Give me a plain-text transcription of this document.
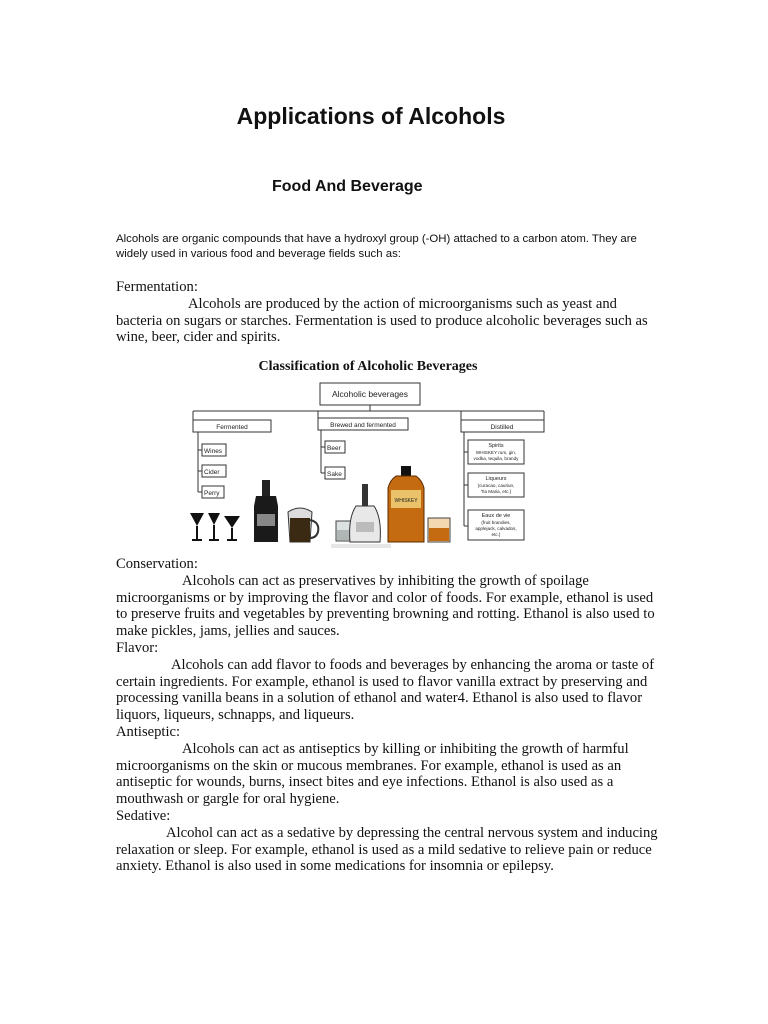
Applications of Alcohols
Food And Beverage
Alcohols are organic compounds that have a hydroxyl group (-OH) attached to a carbon atom. They are widely used in various food and beverage fields such as:
Fermentation:
Alcohols are produced by the action of microorganisms such as yeast and bacteria on sugars or starches. Fermentation is used to produce alcoholic beverages such as wine, beer, cider and spirits.
Classification of Alcoholic Beverages
Alcoholic beverages
Fermented	Brewed and fermented	Distilled
Wines
Cider
Perry
Beer
Sake
Spirits
WHISKEY rum, gin,
vodka, tequila, brandy
Liqueurs
(curacao, cauriun,
Tia Maria, etc.)
Eaux de vie
(fruit brandies,
applejack, calvados,
etc.)
WHISKEY
Conservation:
Alcohols can act as preservatives by inhibiting the growth of spoilage microorganisms or by improving the flavor and color of foods. For example, ethanol is used to preserve fruits and vegetables by preventing browning and rotting. Ethanol is also used to make pickles, jams, jellies and sauces.
Flavor:
Alcohols can add flavor to foods and beverages by enhancing the aroma or taste of certain ingredients. For example, ethanol is used to flavor vanilla extract by preserving and processing vanilla beans in a solution of ethanol and water4. Ethanol is also used to flavor liquors, liqueurs, schnapps, and liqueurs.
Antiseptic:
Alcohols can act as antiseptics by killing or inhibiting the growth of harmful microorganisms on the skin or mucous membranes. For example, ethanol is used as an antiseptic for wounds, burns, insect bites and eye infections. Ethanol is also used as a mouthwash or gargle for oral hygiene.
Sedative:
Alcohol can act as a sedative by depressing the central nervous system and inducing relaxation or sleep. For example, ethanol is used as a mild sedative to relieve pain or reduce anxiety. Ethanol is also used in some medications for insomnia or epilepsy.
